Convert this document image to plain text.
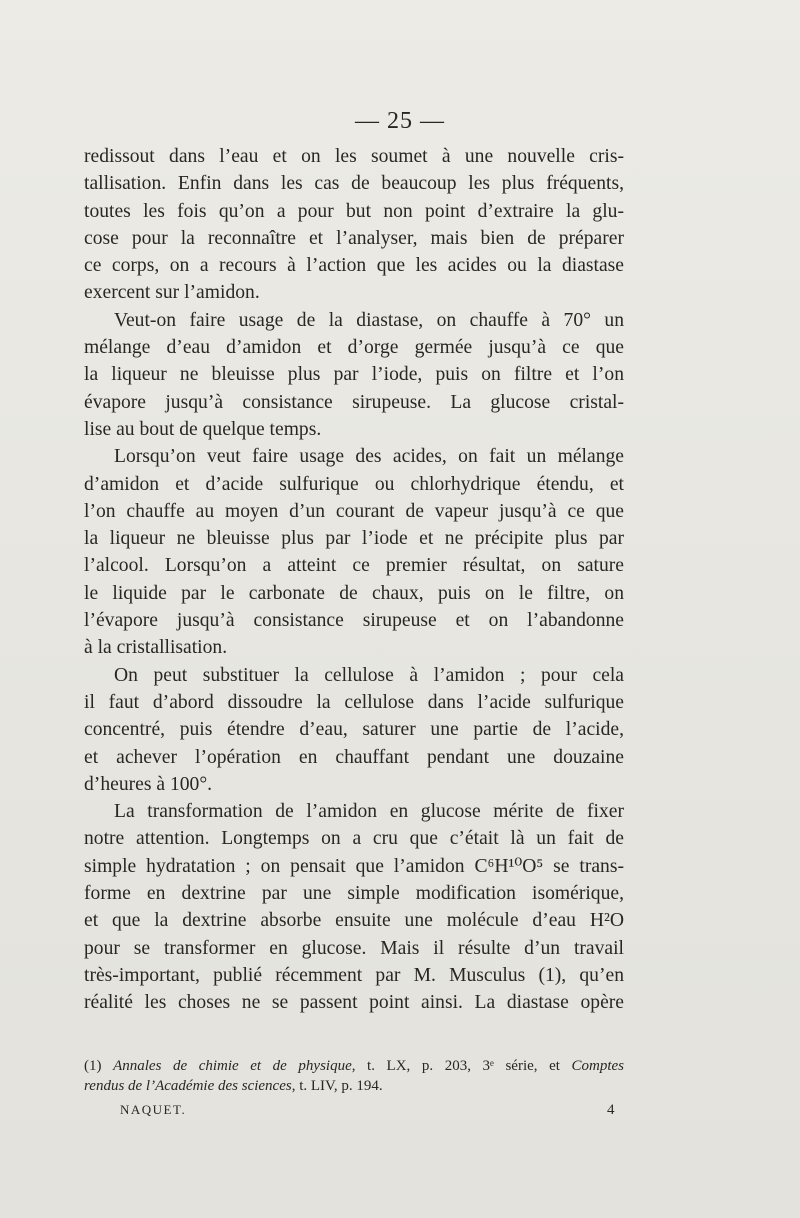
— 25 —
redissout dans l’eau et on les soumet à une nouvelle cris-
tallisation. Enfin dans les cas de beaucoup les plus fréquents,
toutes les fois qu’on a pour but non point d’extraire la glu-
cose pour la reconnaître et l’analyser, mais bien de préparer
ce corps, on a recours à l’action que les acides ou la diastase
exercent sur l’amidon.
Veut-on faire usage de la diastase, on chauffe à 70° un
mélange d’eau d’amidon et d’orge germée jusqu’à ce que
la liqueur ne bleuisse plus par l’iode, puis on filtre et l’on
évapore jusqu’à consistance sirupeuse. La glucose cristal-
lise au bout de quelque temps.
Lorsqu’on veut faire usage des acides, on fait un mélange
d’amidon et d’acide sulfurique ou chlorhydrique étendu, et
l’on chauffe au moyen d’un courant de vapeur jusqu’à ce que
la liqueur ne bleuisse plus par l’iode et ne précipite plus par
l’alcool. Lorsqu’on a atteint ce premier résultat, on sature
le liquide par le carbonate de chaux, puis on le filtre, on
l’évapore jusqu’à consistance sirupeuse et on l’abandonne
à la cristallisation.
On peut substituer la cellulose à l’amidon ; pour cela
il faut d’abord dissoudre la cellulose dans l’acide sulfurique
concentré, puis étendre d’eau, saturer une partie de l’acide,
et achever l’opération en chauffant pendant une douzaine
d’heures à 100°.
La transformation de l’amidon en glucose mérite de fixer
notre attention. Longtemps on a cru que c’était là un fait de
simple hydratation ; on pensait que l’amidon C⁶H¹⁰O⁵ se trans-
forme en dextrine par une simple modification isomérique,
et que la dextrine absorbe ensuite une molécule d’eau H²O
pour se transformer en glucose. Mais il résulte d’un travail
très-important, publié récemment par M. Musculus (1), qu’en
réalité les choses ne se passent point ainsi. La diastase opère
(1) Annales de chimie et de physique, t. LX, p. 203, 3ᵉ série, et Comptes
rendus de l’Académie des sciences, t. LIV, p. 194.
NAQUET.	4
